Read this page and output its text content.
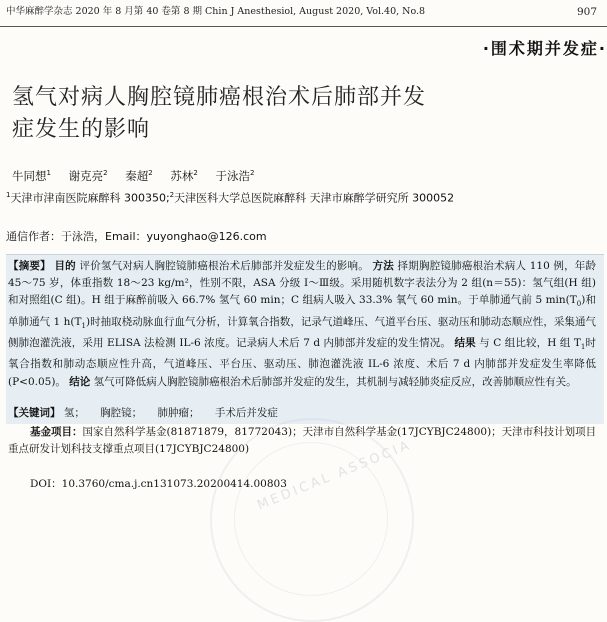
中华麻醉学杂志 2020 年 8 月第 40 卷第 8 期 Chin J Anesthesiol, August 2020, Vol.40, No.8	907
·围术期并发症·
氢气对病人胸腔镜肺癌根治术后肺部并发症发生的影响
牛同想$^1$ 谢克亮$^2$ 秦超$^2$ 苏林$^2$ 于泳浩$^2$
$^1$天津市津南医院麻醉科 300350;$^2$天津医科大学总医院麻醉科 天津市麻醉学研究所 300052
通信作者：于泳浩，Email：yuyonghao@126.com
【摘要】 目的 评价氢气对病人胸腔镜肺癌根治术后肺部并发症发生的影响。 方法 择期胸腔镜肺癌根治术病人 110 例，年龄 45～75 岁，体重指数 18～23 kg/m²，性别不限，ASA 分级 Ⅰ～Ⅲ级。采用随机数字表法分为 2 组(n＝55)：氢气组(H 组)和对照组(C 组)。H 组于麻醉前吸入 66.7% 氢气 60 min；C 组病人吸入 33.3% 氧气 60 min。于单肺通气前 5 $\min(T_0)$和单肺通气 1 $h(T_1)$时抽取桡动脉血行血气分析，计算氧合指数，记录气道峰压、气道平台压、驱动压和肺动态顺应性，采集通气侧肺泡灌洗液，采用 ELISA 法检测 IL-6 浓度。记录病人术后 7 d 内肺部并发症的发生情况。 结果 与 C 组比较，H 组 $T_1$时氧合指数和肺动态顺应性升高，气道峰压、平台压、驱动压、肺泡灌洗液 IL-6 浓度、术后 7 d 内肺部并发症发生率降低(P<0.05)。 结论 氢气可降低病人胸腔镜肺癌根治术后肺部并发症的发生，其机制与减轻肺炎症反应，改善肺顺应性有关。
【关键词】 氢； 胸腔镜； 肺肿瘤； 手术后并发症
基金项目：国家自然科学基金(81871879，81772043)；天津市自然科学基金(17JCYBJC24800)；天津市科技计划项目重点研发计划科技支撑重点项目(17JCYBJC24800)
DOI：10.3760/cma.j.cn131073.20200414.00803
MEDICAL ASSOCIA
